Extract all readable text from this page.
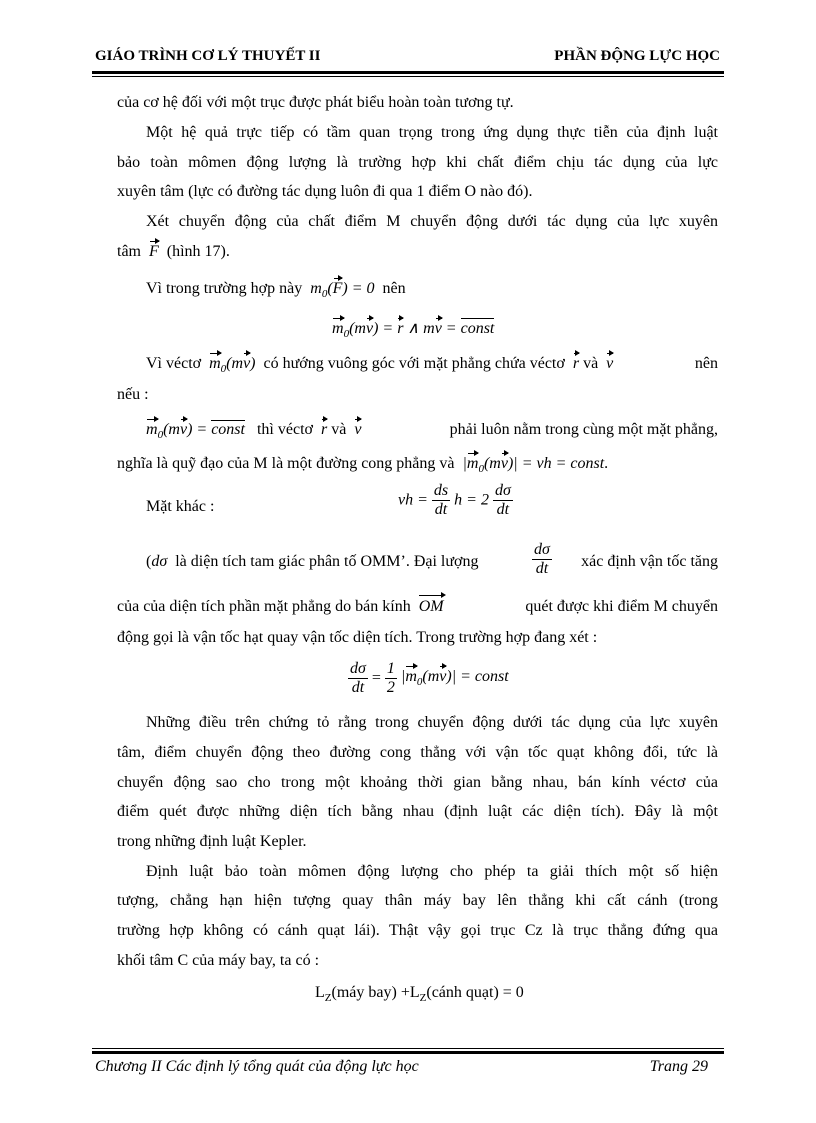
GIÁO TRÌNH CƠ LÝ THUYẾT II	PHẦN ĐỘNG LỰC HỌC
của cơ hệ đối với một trục được phát biểu hoàn toàn tương tự.
Một hệ quả trực tiếp có tầm quan trọng trong ứng dụng thực tiễn của định luật
bảo toàn mômen động lượng là trường hợp khi chất điểm chịu tác dụng của lực
xuyên tâm (lực có đường tác dụng luôn đi qua 1 điểm O nào đó).
Xét chuyển động của chất điểm M chuyển động dưới tác dụng của lực xuyên
tâm F (hình 17).
Vì trong trường hợp này $m_0(F) = 0$ nên
$m_0(mv) = r$ ∧ mv = const
Vì véctơ $m_0(mv)$ có hướng vuông góc với mặt phẳng chứa véctơ r và v	nên
nếu :
$m_0(mv)$ = const thì véctơ r và v	phải luôn nằm trong cùng một mặt phẳng,
nghĩa là quỹ đạo của M là một đường cong phẳng và $|m_0(mv)|$ = vh = const.
Mặt khác :	vh = $\frac{ds}{dt}$ $h = 2 \frac{d\sigma}{dt}$
(dσ là diện tích tam giác phân tố OMM’. Đại lượng	$\frac{d\sigma}{dt}$ xác định vận tốc tăng
của của diện tích phần mặt phẳng do bán kính OM
	quét được khi điểm M chuyển
động gọi là vận tốc hạt quay vận tốc diện tích. Trong trường hợp đang xét :
$\frac{d\sigma}{dt} = \frac{1}{2} |m_0(mv)|$ = const
Những điều trên chứng tỏ rằng trong chuyển động dưới tác dụng của lực xuyên
tâm, điểm chuyển động theo đường cong thẳng với vận tốc quạt không đổi, tức là
chuyển động sao cho trong một khoảng thời gian bằng nhau, bán kính véctơ của
điểm quét được những diện tích bằng nhau (định luật các diện tích). Đây là một
trong những định luật Kepler.
Định luật bảo toàn mômen động lượng cho phép ta giải thích một số hiện
tượng, chẳng hạn hiện tượng quay thân máy bay lên thẳng khi cất cánh (trong
trường hợp không có cánh quạt lái). Thật vậy gọi trục Cz là trục thẳng đứng qua
khối tâm C của máy bay, ta có :
$L_Z(máy$ $bay) +L_Z(cánh$ quạt) = 0
Chương II Các định lý tổng quát của động lực học	Trang 29
